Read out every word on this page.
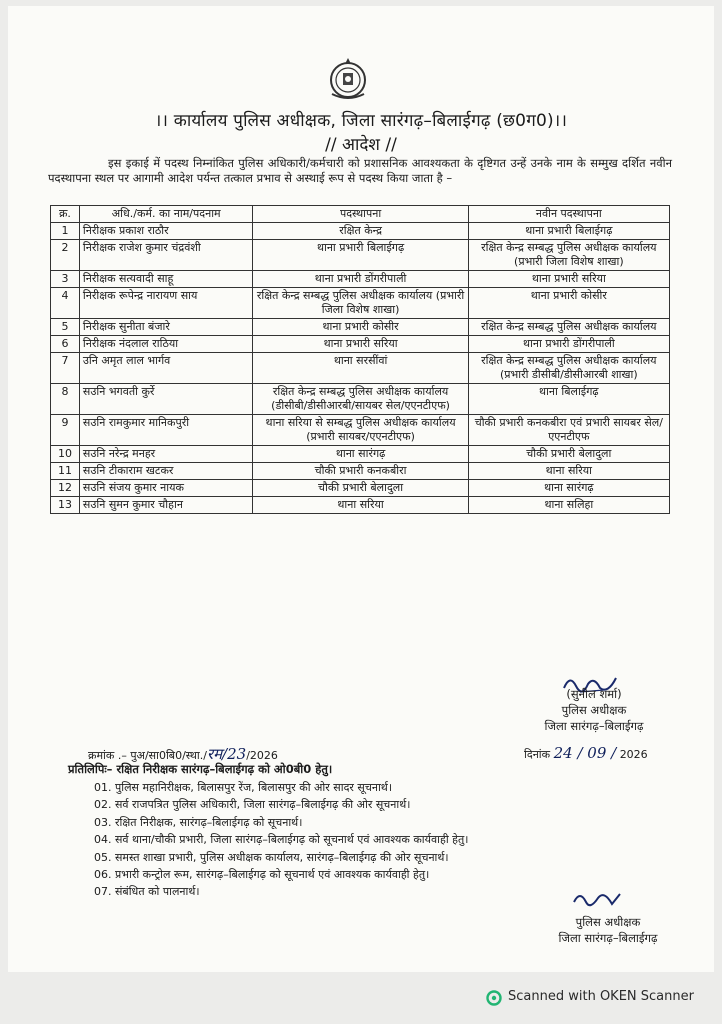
।। कार्यालय पुलिस अधीक्षक, जिला सारंगढ़–बिलाईगढ़ (छ0ग0)।।
// आदेश //
इस इकाई में पदस्थ निम्नांकित पुलिस अधिकारी/कर्मचारी को प्रशासनिक आवश्यकता के दृष्टिगत उन्हें उनके नाम के सम्मुख दर्शित नवीन पदस्थापना स्थल पर आगामी आदेश पर्यन्त तत्काल प्रभाव से अस्थाई रूप से पदस्थ किया जाता है –
क्र.	अधि./कर्म. का नाम/पदनाम	पदस्थापना	नवीन पदस्थापना
1	निरीक्षक प्रकाश राठौर	रक्षित केन्द्र	थाना प्रभारी बिलाईगढ़
2	निरीक्षक राजेश कुमार चंद्रवंशी	थाना प्रभारी बिलाईगढ़	रक्षित केन्द्र सम्बद्ध पुलिस अधीक्षक कार्यालय (प्रभारी जिला विशेष शाखा)
3	निरीक्षक सत्यवादी साहू	थाना प्रभारी डोंगरीपाली	थाना प्रभारी सरिया
4	निरीक्षक रूपेन्द्र नारायण साय	रक्षित केन्द्र सम्बद्ध पुलिस अधीक्षक कार्यालय (प्रभारी जिला विशेष शाखा)	थाना प्रभारी कोसीर
5	निरीक्षक सुनीता बंजारे	थाना प्रभारी कोसीर	रक्षित केन्द्र सम्बद्ध पुलिस अधीक्षक कार्यालय
6	निरीक्षक नंदलाल राठिया	थाना प्रभारी सरिया	थाना प्रभारी डोंगरीपाली
7	उनि अमृत लाल भार्गव	थाना सरसींवां	रक्षित केन्द्र सम्बद्ध पुलिस अधीक्षक कार्यालय (प्रभारी डीसीबी/डीसीआरबी शाखा)
8	सउनि भगवती कुर्रे	रक्षित केन्द्र सम्बद्ध पुलिस अधीक्षक कार्यालय (डीसीबी/डीसीआरबी/सायबर सेल/एएनटीएफ)	थाना बिलाईगढ़
9	सउनि रामकुमार मानिकपुरी	थाना सरिया से सम्बद्ध पुलिस अधीक्षक कार्यालय (प्रभारी सायबर/एएनटीएफ)	चौकी प्रभारी कनकबीरा एवं प्रभारी सायबर सेल/एएनटीएफ
10	सउनि नरेन्द्र मनहर	थाना सारंगढ़	चौकी प्रभारी बेलादुला
11	सउनि टीकाराम खटकर	चौकी प्रभारी कनकबीरा	थाना सरिया
12	सउनि संजय कुमार नायक	चौकी प्रभारी बेलादुला	थाना सारंगढ़
13	सउनि सुमन कुमार चौहान	थाना सरिया	थाना सलिहा
(सुनील शर्मा)
पुलिस अधीक्षक
जिला सारंगढ़–बिलाईगढ़
क्रमांक .– पुअ/सा0बि0/स्था./रम/23/2026	दिनांक 24 / 09 / 2026
प्रतिलिपिः– रक्षित निरीक्षक सारंगढ़–बिलाईगढ़ को ओ0बी0 हेतु।
01. पुलिस महानिरीक्षक, बिलासपुर रेंज, बिलासपुर की ओर सादर सूचनार्थ।
02. सर्व राजपत्रित पुलिस अधिकारी, जिला सारंगढ़–बिलाईगढ़ की ओर सूचनार्थ।
03. रक्षित निरीक्षक, सारंगढ़–बिलाईगढ़ को सूचनार्थ।
04. सर्व थाना/चौकी प्रभारी, जिला सारंगढ़–बिलाईगढ़ को सूचनार्थ एवं आवश्यक कार्यवाही हेतु।
05. समस्त शाखा प्रभारी, पुलिस अधीक्षक कार्यालय, सारंगढ़–बिलाईगढ़ की ओर सूचनार्थ।
06. प्रभारी कन्ट्रोल रूम, सारंगढ़–बिलाईगढ़ को सूचनार्थ एवं आवश्यक कार्यवाही हेतु।
07. संबंधित को पालनार्थ।
पुलिस अधीक्षक
जिला सारंगढ़–बिलाईगढ़
Scanned with OKEN Scanner
